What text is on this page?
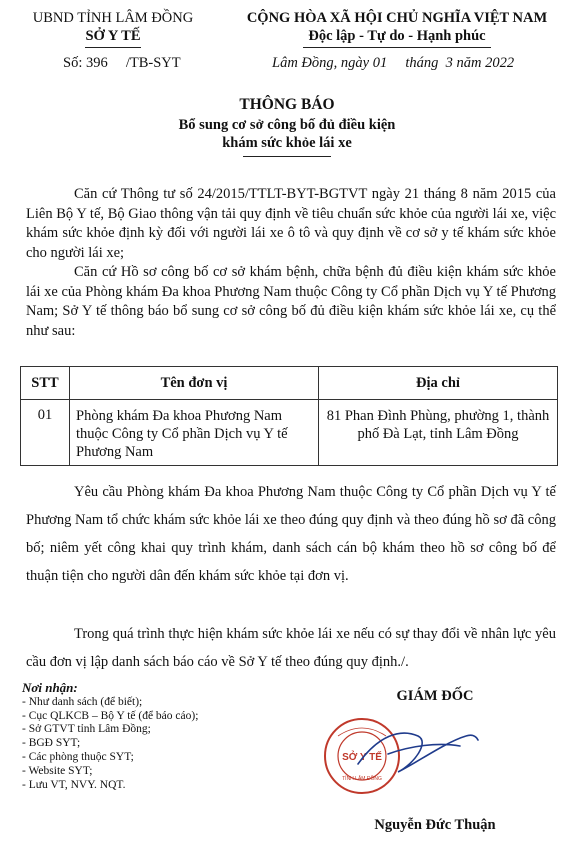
UBND TỈNH LÂM ĐỒNG
SỞ Y TẾ
Số: 396     /TB-SYT
CỘNG HÒA XÃ HỘI CHỦ NGHĨA VIỆT NAM
Độc lập - Tự do - Hạnh phúc
Lâm Đồng, ngày 01     tháng  3 năm 2022
THÔNG BÁO
Bổ sung cơ sở công bố đủ điều kiện
khám sức khỏe lái xe

Căn cứ Thông tư số 24/2015/TTLT-BYT-BGTVT ngày 21 tháng 8 năm 2015 của Liên Bộ Y tế, Bộ Giao thông vận tải quy định về tiêu chuẩn sức khỏe của người lái xe, việc khám sức khỏe định kỳ đối với người lái xe ô tô và quy định về cơ sở y tế khám sức khỏe cho người lái xe;

Căn cứ Hồ sơ công bố cơ sở khám bệnh, chữa bệnh đủ điều kiện khám sức khỏe lái xe của Phòng khám Đa khoa Phương Nam thuộc Công ty Cổ phần Dịch vụ Y tế Phương Nam; Sở Y tế thông báo bổ sung cơ sở công bố đủ điều kiện khám sức khỏe lái xe, cụ thể như sau:

STT	Tên đơn vị	Địa chỉ
01	Phòng khám Đa khoa Phương Nam thuộc Công ty Cổ phần Dịch vụ Y tế Phương Nam	81 Phan Đình Phùng, phường 1, thành phố Đà Lạt, tỉnh Lâm Đồng

Yêu cầu Phòng khám Đa khoa Phương Nam thuộc Công ty Cổ phần Dịch vụ Y tế Phương Nam tổ chức khám sức khỏe lái xe theo đúng quy định và theo đúng hồ sơ đã công bố; niêm yết công khai quy trình khám, danh sách cán bộ khám theo hồ sơ công bố để thuận tiện cho người dân đến khám sức khỏe tại đơn vị.

Trong quá trình thực hiện khám sức khỏe lái xe nếu có sự thay đổi về nhân lực yêu cầu đơn vị lập danh sách báo cáo về Sở Y tế theo đúng quy định./.

Nơi nhận:
- Như danh sách (để biết);
- Cục QLKCB – Bộ Y tế (để báo cáo);
- Sở GTVT tỉnh Lâm Đồng;
- BGĐ SYT;
- Các phòng thuộc SYT;
- Website SYT;
- Lưu VT, NVY. NQT.
GIÁM ĐỐC
SỞ Y TẾ
TỈNH LÂM ĐỒNG
Nguyễn Đức Thuận
